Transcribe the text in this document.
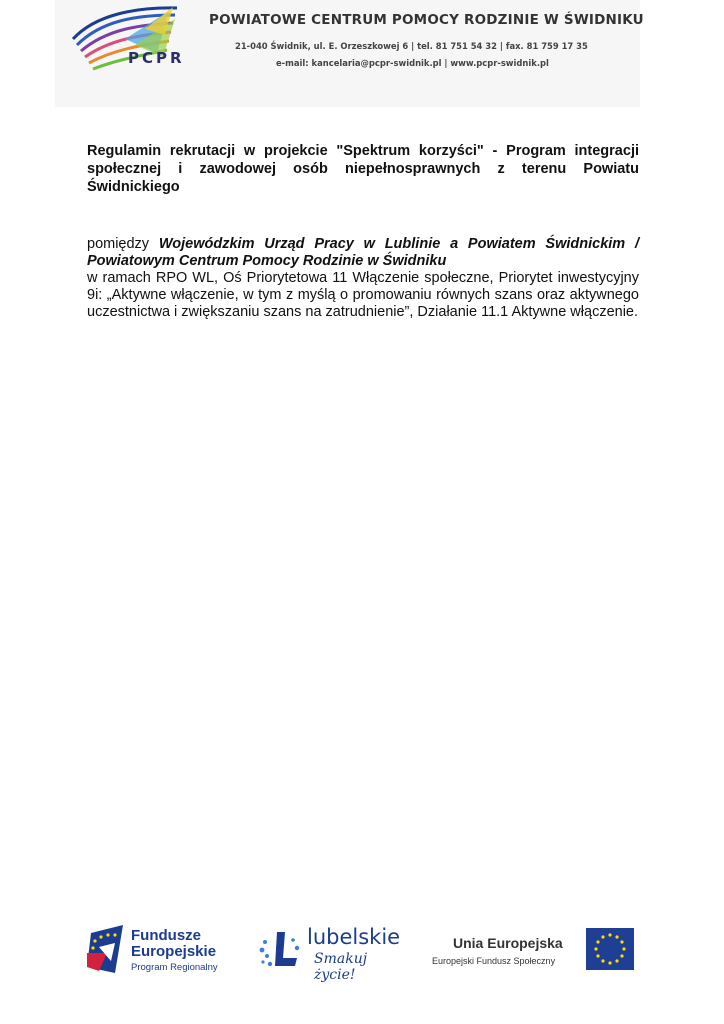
PCPR
POWIATOWE CENTRUM POMOCY RODZINIE W ŚWIDNIKU
21-040 Świdnik, ul. E. Orzeszkowej 6 | tel. 81 751 54 32 | fax. 81 759 17 35
e-mail: kancelaria@pcpr-swidnik.pl | www.pcpr-swidnik.pl

Regulamin rekrutacji w projekcie "Spektrum korzyści" - Program integracji społecznej i zawodowej osób niepełnosprawnych z terenu Powiatu Świdnickiego

pomiędzy Wojewódzkim Urząd Pracy w Lublinie a Powiatem Świdnickim / Powiatowym Centrum Pomocy Rodzinie w Świdniku
w ramach RPO WL, Oś Priorytetowa 11 Włączenie społeczne, Priorytet inwestycyjny 9i: „Aktywne włączenie, w tym z myślą o promowaniu równych szans oraz aktywnego uczestnictwa i zwiększaniu szans na zatrudnienie”, Działanie 11.1 Aktywne włączenie.

Fundusze
Europejskie
Program Regionalny
lubelskie
Smakuj życie!
Unia Europejska
Europejski Fundusz Społeczny
